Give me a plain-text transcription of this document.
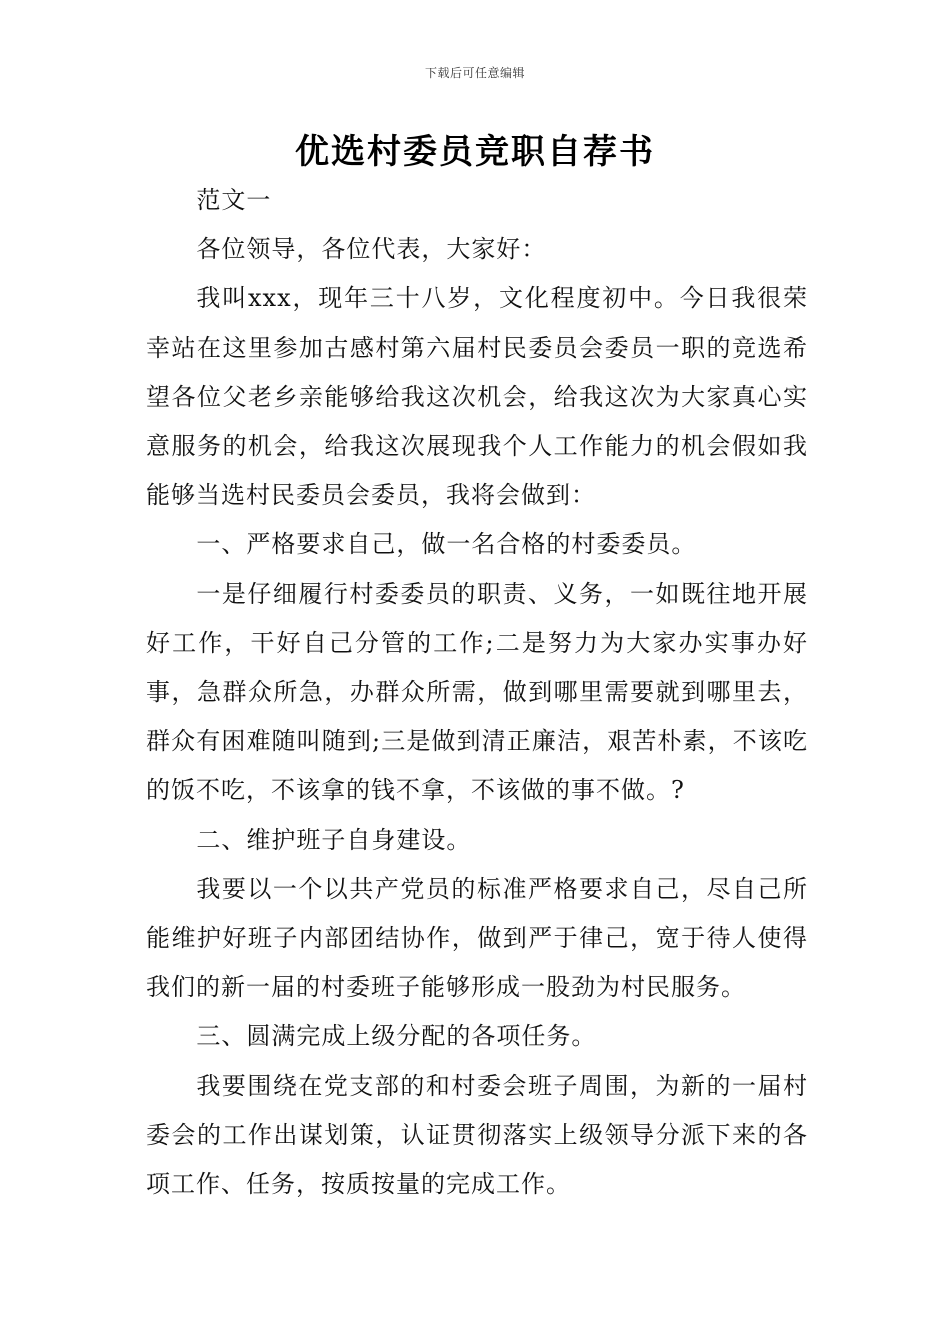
下载后可任意编辑
优选村委员竞职自荐书

范文一

各位领导，各位代表，大家好：

我叫xxx，现年三十八岁，文化程度初中。今日我很荣幸站在这里参加古感村第六届村民委员会委员一职的竞选希望各位父老乡亲能够给我这次机会，给我这次为大家真心实意服务的机会，给我这次展现我个人工作能力的机会假如我能够当选村民委员会委员，我将会做到：

一、严格要求自己，做一名合格的村委委员。

一是仔细履行村委委员的职责、义务，一如既往地开展好工作，干好自己分管的工作;二是努力为大家办实事办好事，急群众所急，办群众所需，做到哪里需要就到哪里去，群众有困难随叫随到;三是做到清正廉洁，艰苦朴素，不该吃的饭不吃，不该拿的钱不拿，不该做的事不做。?

二、维护班子自身建设。

我要以一个以共产党员的标准严格要求自己，尽自己所能维护好班子内部团结协作，做到严于律己，宽于待人使得我们的新一届的村委班子能够形成一股劲为村民服务。

三、圆满完成上级分配的各项任务。

我要围绕在党支部的和村委会班子周围，为新的一届村委会的工作出谋划策，认证贯彻落实上级领导分派下来的各项工作、任务，按质按量的完成工作。
